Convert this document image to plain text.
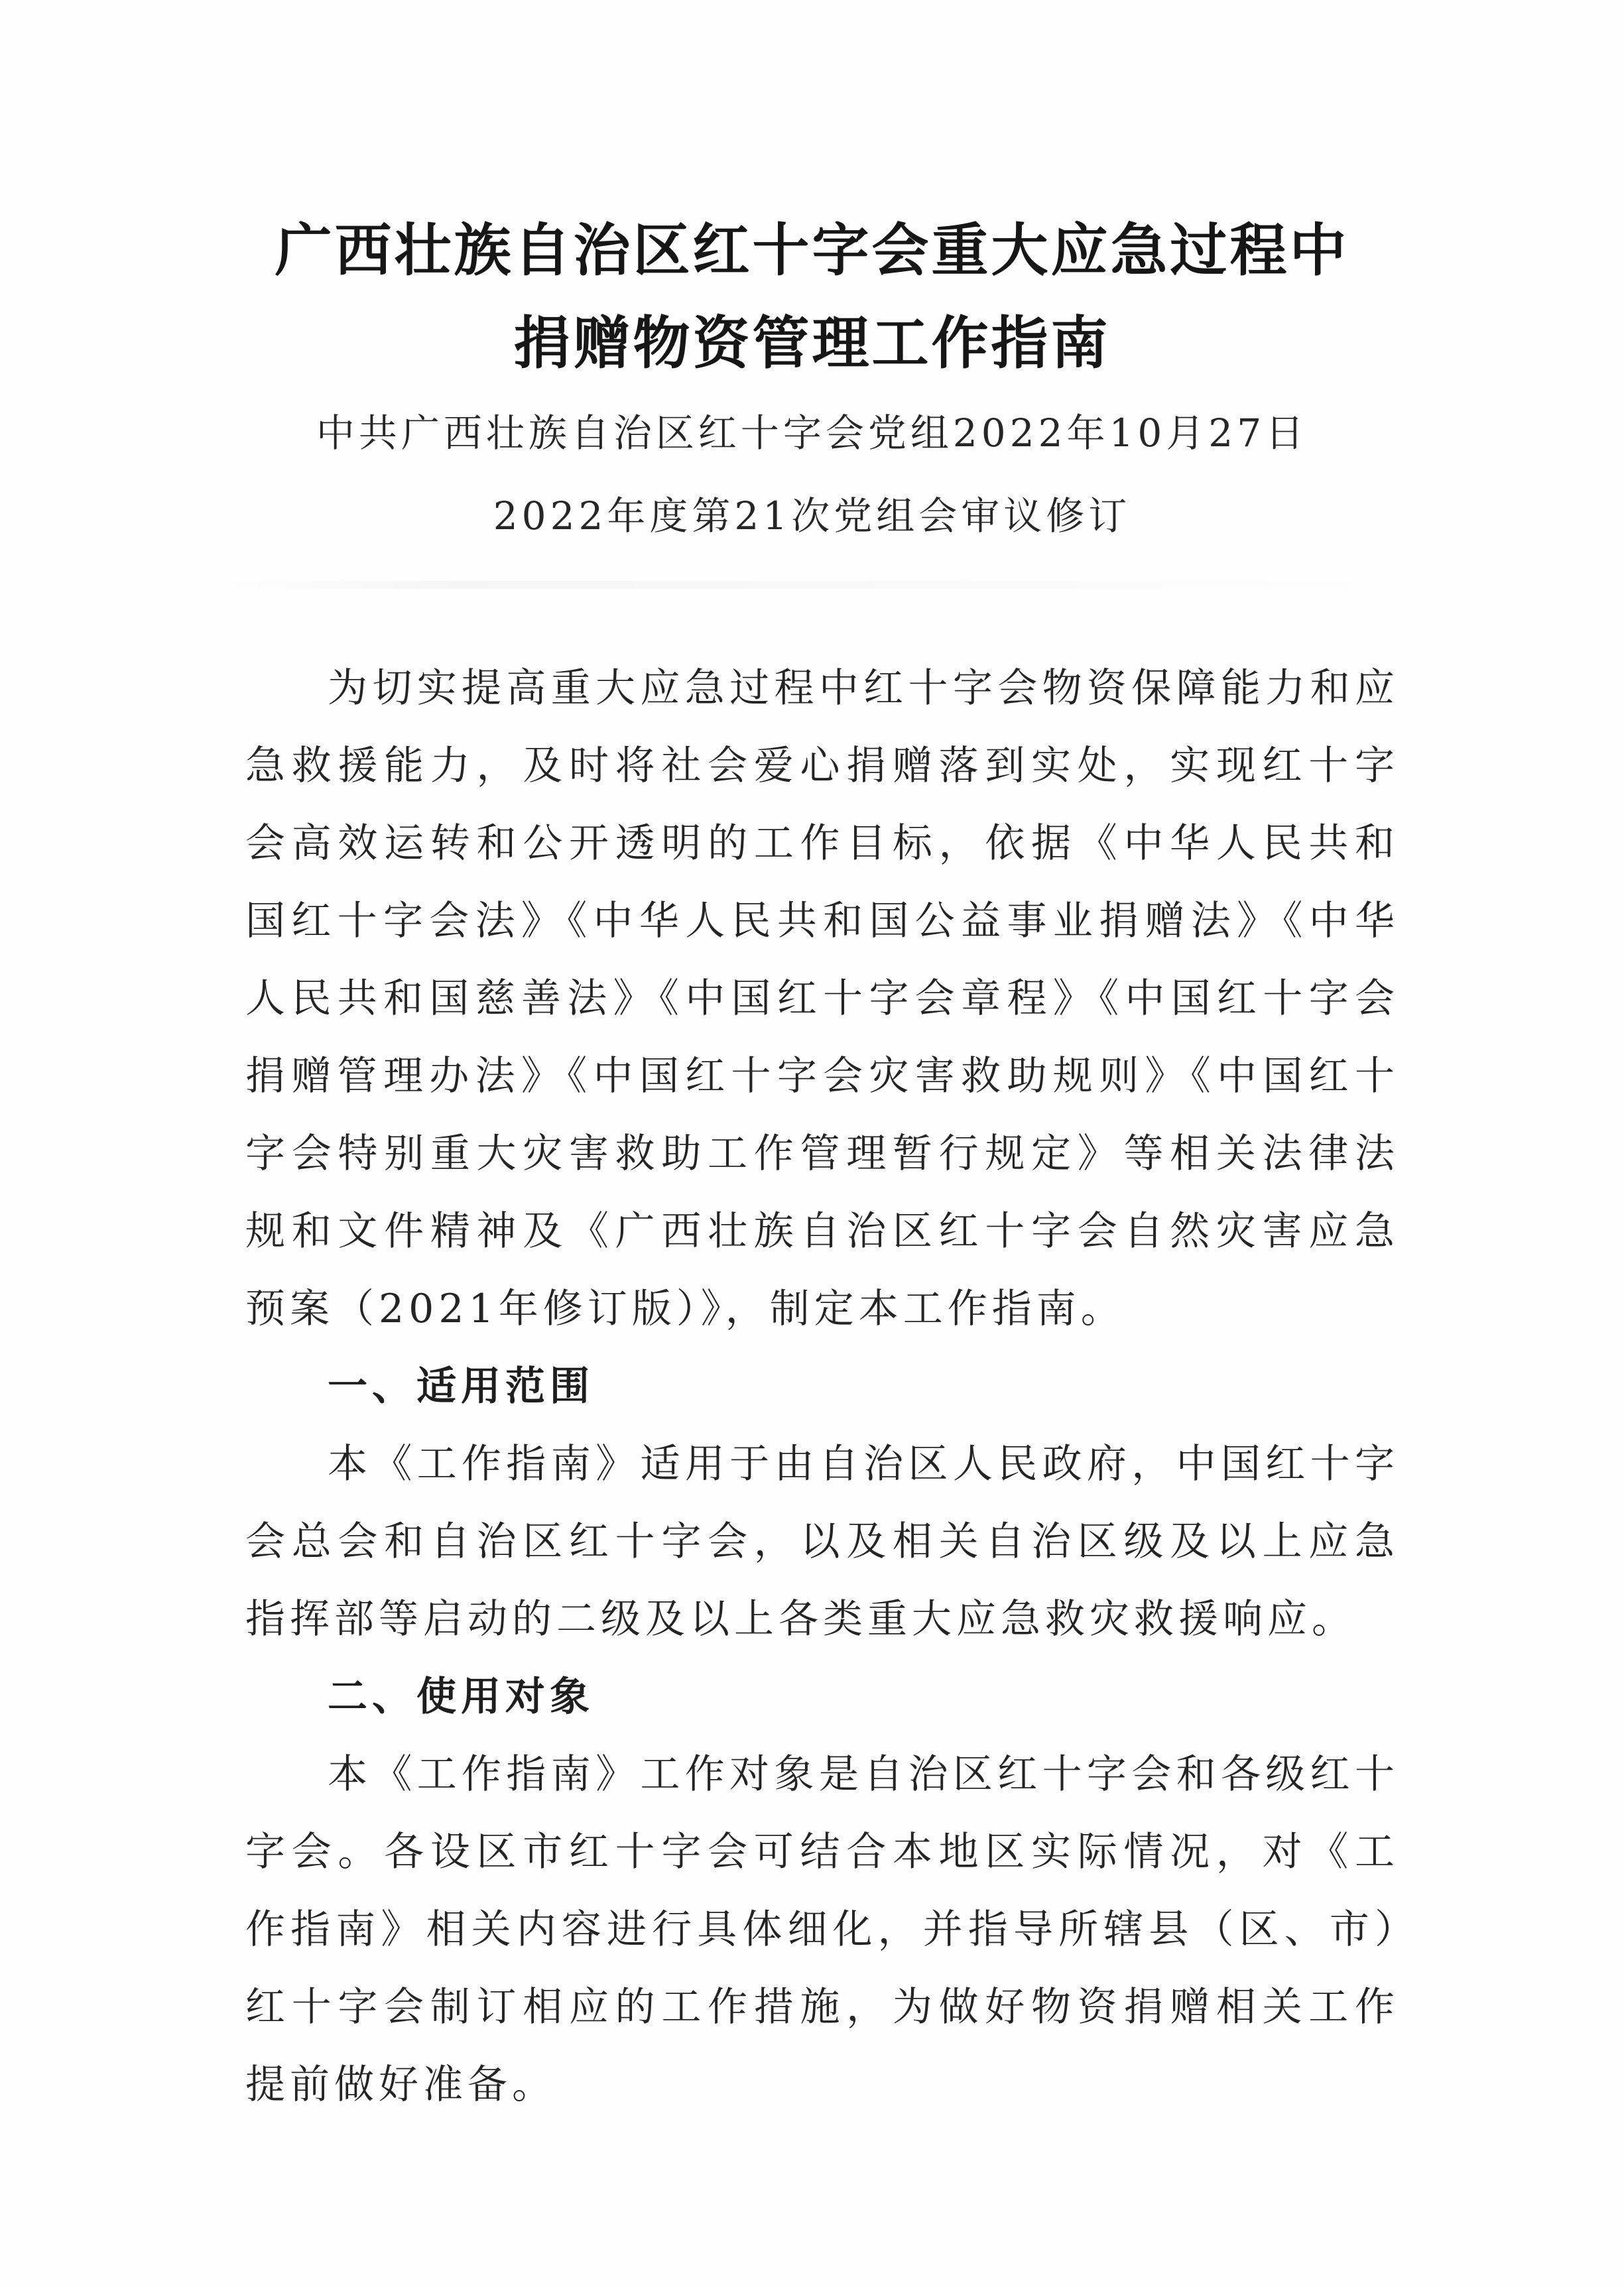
广西壮族自治区红十字会重大应急过程中
捐赠物资管理工作指南

中共广西壮族自治区红十字会党组2022年10月27日

2022年度第21次党组会审议修订

为切实提高重大应急过程中红十字会物资保障能力和应急救援能力，及时将社会爱心捐赠落到实处，实现红十字会高效运转和公开透明的工作目标，依据《中华人民共和国红十字会法》《中华人民共和国公益事业捐赠法》《中华人民共和国慈善法》《中国红十字会章程》《中国红十字会捐赠管理办法》《中国红十字会灾害救助规则》《中国红十字会特别重大灾害救助工作管理暂行规定》等相关法律法规和文件精神及《广西壮族自治区红十字会自然灾害应急预案（2021年修订版）》，制定本工作指南。

一、适用范围

本《工作指南》适用于由自治区人民政府，中国红十字会总会和自治区红十字会，以及相关自治区级及以上应急指挥部等启动的二级及以上各类重大应急救灾救援响应。

二、使用对象

本《工作指南》工作对象是自治区红十字会和各级红十字会。各设区市红十字会可结合本地区实际情况，对《工作指南》相关内容进行具体细化，并指导所辖县（区、市）红十字会制订相应的工作措施，为做好物资捐赠相关工作提前做好准备。
